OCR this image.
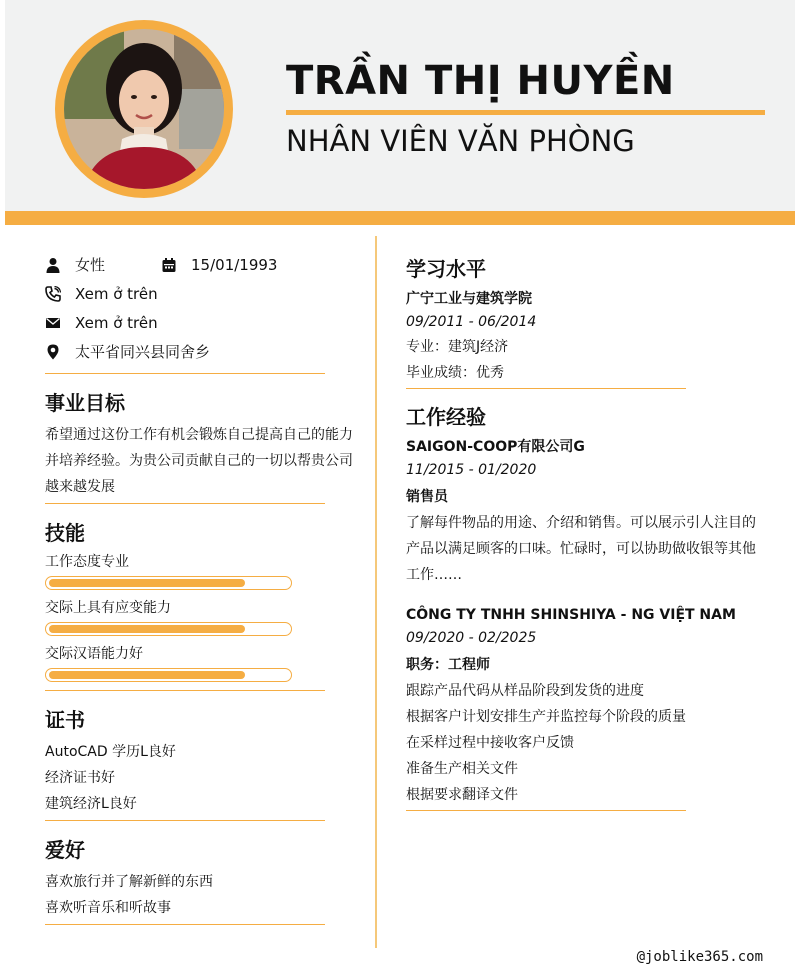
TRẦN THỊ HUYỀN
NHÂN VIÊN VĂN PHÒNG
女性	15/01/1993
Xem ở trên
Xem ở trên
太平省同兴县同舍乡
事业目标
希望通过这份工作有机会锻炼自己提高自己的能力并培养经验。为贵公司贡献自己的一切以帮贵公司越来越发展
技能
工作态度专业
交际上具有应变能力
交际汉语能力好
证书
AutoCAD 学历L良好
经济证书好
建筑经济L良好
爱好
喜欢旅行并了解新鲜的东西
喜欢听音乐和听故事
学习水平
广宁工业与建筑学院
09/2011 - 06/2014
专业：建筑J经济
毕业成绩：优秀
工作经验
SAIGON-COOP有限公司G
11/2015 - 01/2020
销售员
了解每件物品的用途、介绍和销售。可以展示引人注目的产品以满足顾客的口味。忙碌时，可以协助做收银等其他工作……
CÔNG TY TNHH SHINSHIYA - NG VIỆT NAM
09/2020 - 02/2025
职务：工程师
跟踪产品代码从样品阶段到发货的进度
根据客户计划安排生产并监控每个阶段的质量
在采样过程中接收客户反馈
准备生产相关文件
根据要求翻译文件
@joblike365.com
